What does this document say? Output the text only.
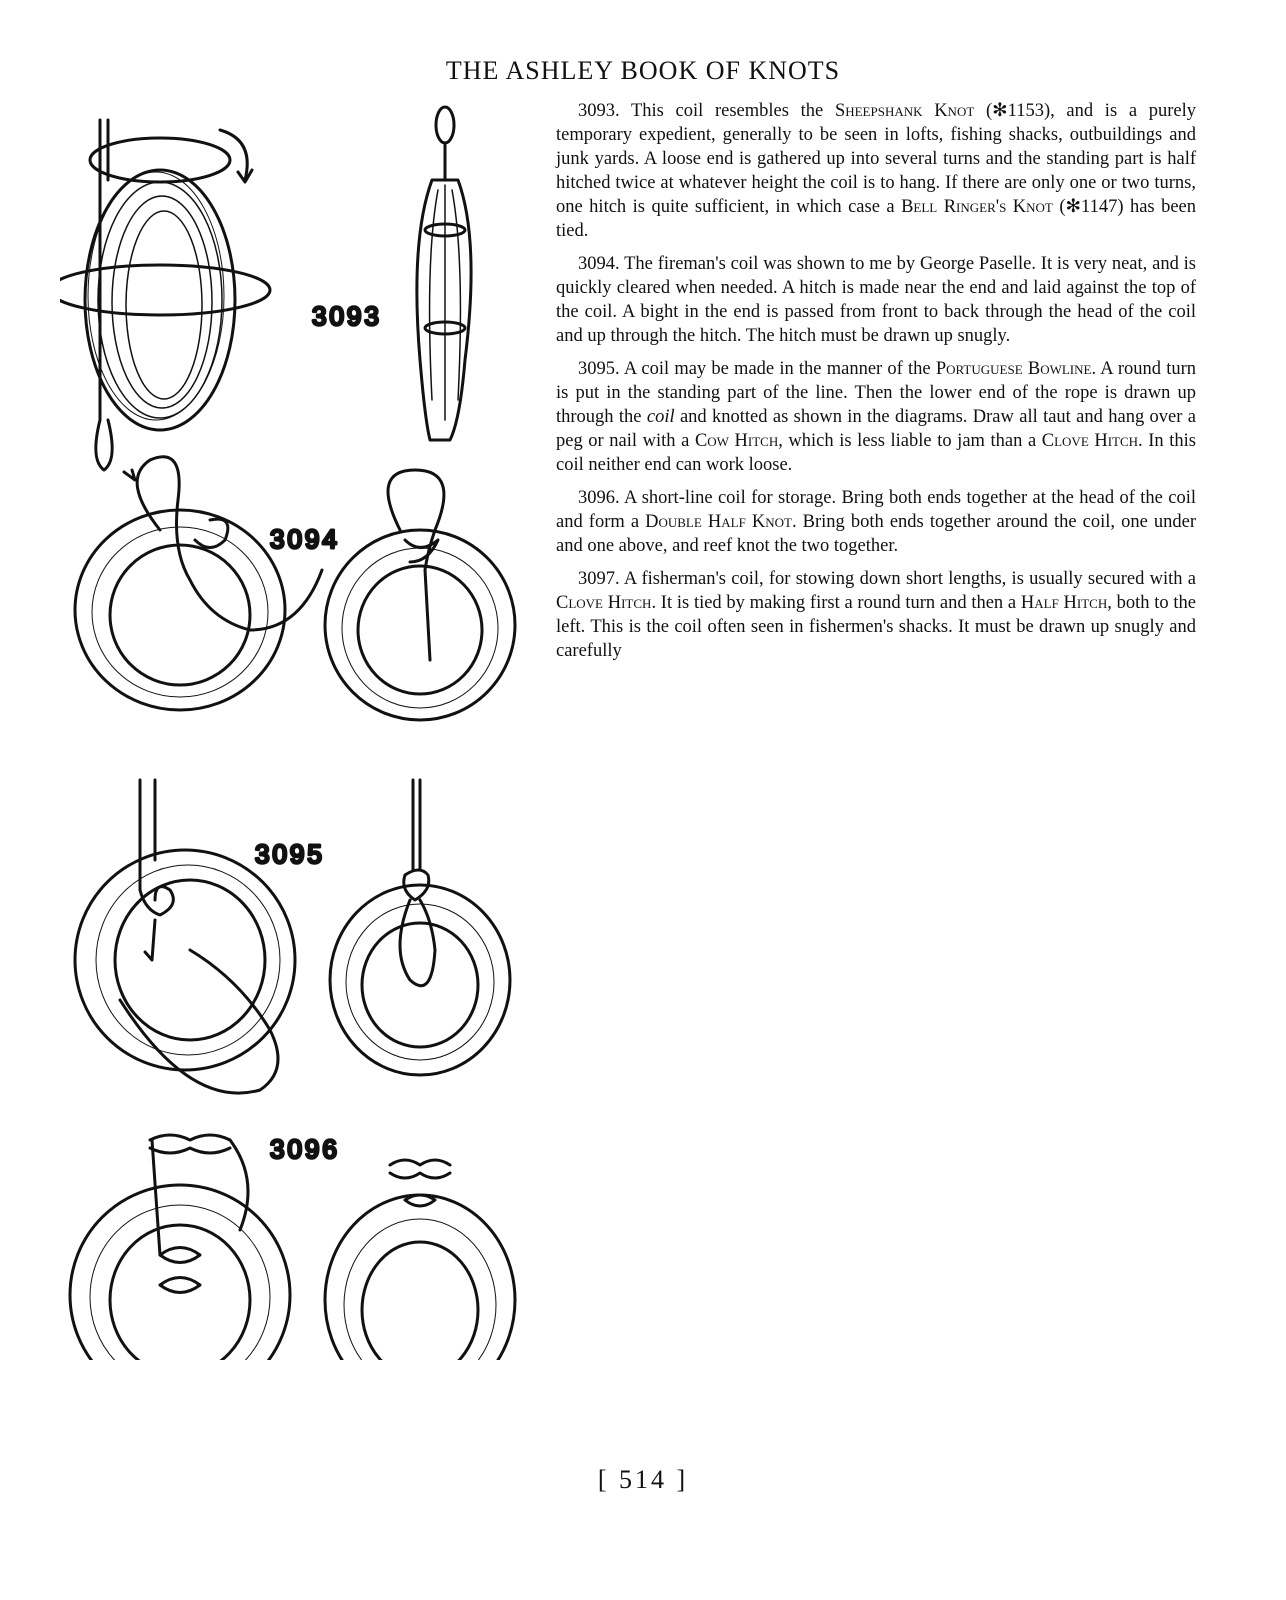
THE ASHLEY BOOK OF KNOTS
3093
3094
3095
3096

3093. This coil resembles the Sheepshank Knot (✻1153), and is a purely temporary expedient, generally to be seen in lofts, fishing shacks, outbuildings and junk yards. A loose end is gathered up into several turns and the standing part is half hitched twice at whatever height the coil is to hang. If there are only one or two turns, one hitch is quite sufficient, in which case a Bell Ringer's Knot (✻1147) has been tied.

3094. The fireman's coil was shown to me by George Paselle. It is very neat, and is quickly cleared when needed. A hitch is made near the end and laid against the top of the coil. A bight in the end is passed from front to back through the head of the coil and up through the hitch. The hitch must be drawn up snugly.

3095. A coil may be made in the manner of the Portuguese Bowline. A round turn is put in the standing part of the line. Then the lower end of the rope is drawn up through the coil and knotted as shown in the diagrams. Draw all taut and hang over a peg or nail with a Cow Hitch, which is less liable to jam than a Clove Hitch. In this coil neither end can work loose.

3096. A short-line coil for storage. Bring both ends together at the head of the coil and form a Double Half Knot. Bring both ends together around the coil, one under and one above, and reef knot the two together.

3097. A fisherman's coil, for stowing down short lengths, is usually secured with a Clove Hitch. It is tied by making first a round turn and then a Half Hitch, both to the left. This is the coil often seen in fishermen's shacks. It must be drawn up snugly and carefully

[ 514 ]
